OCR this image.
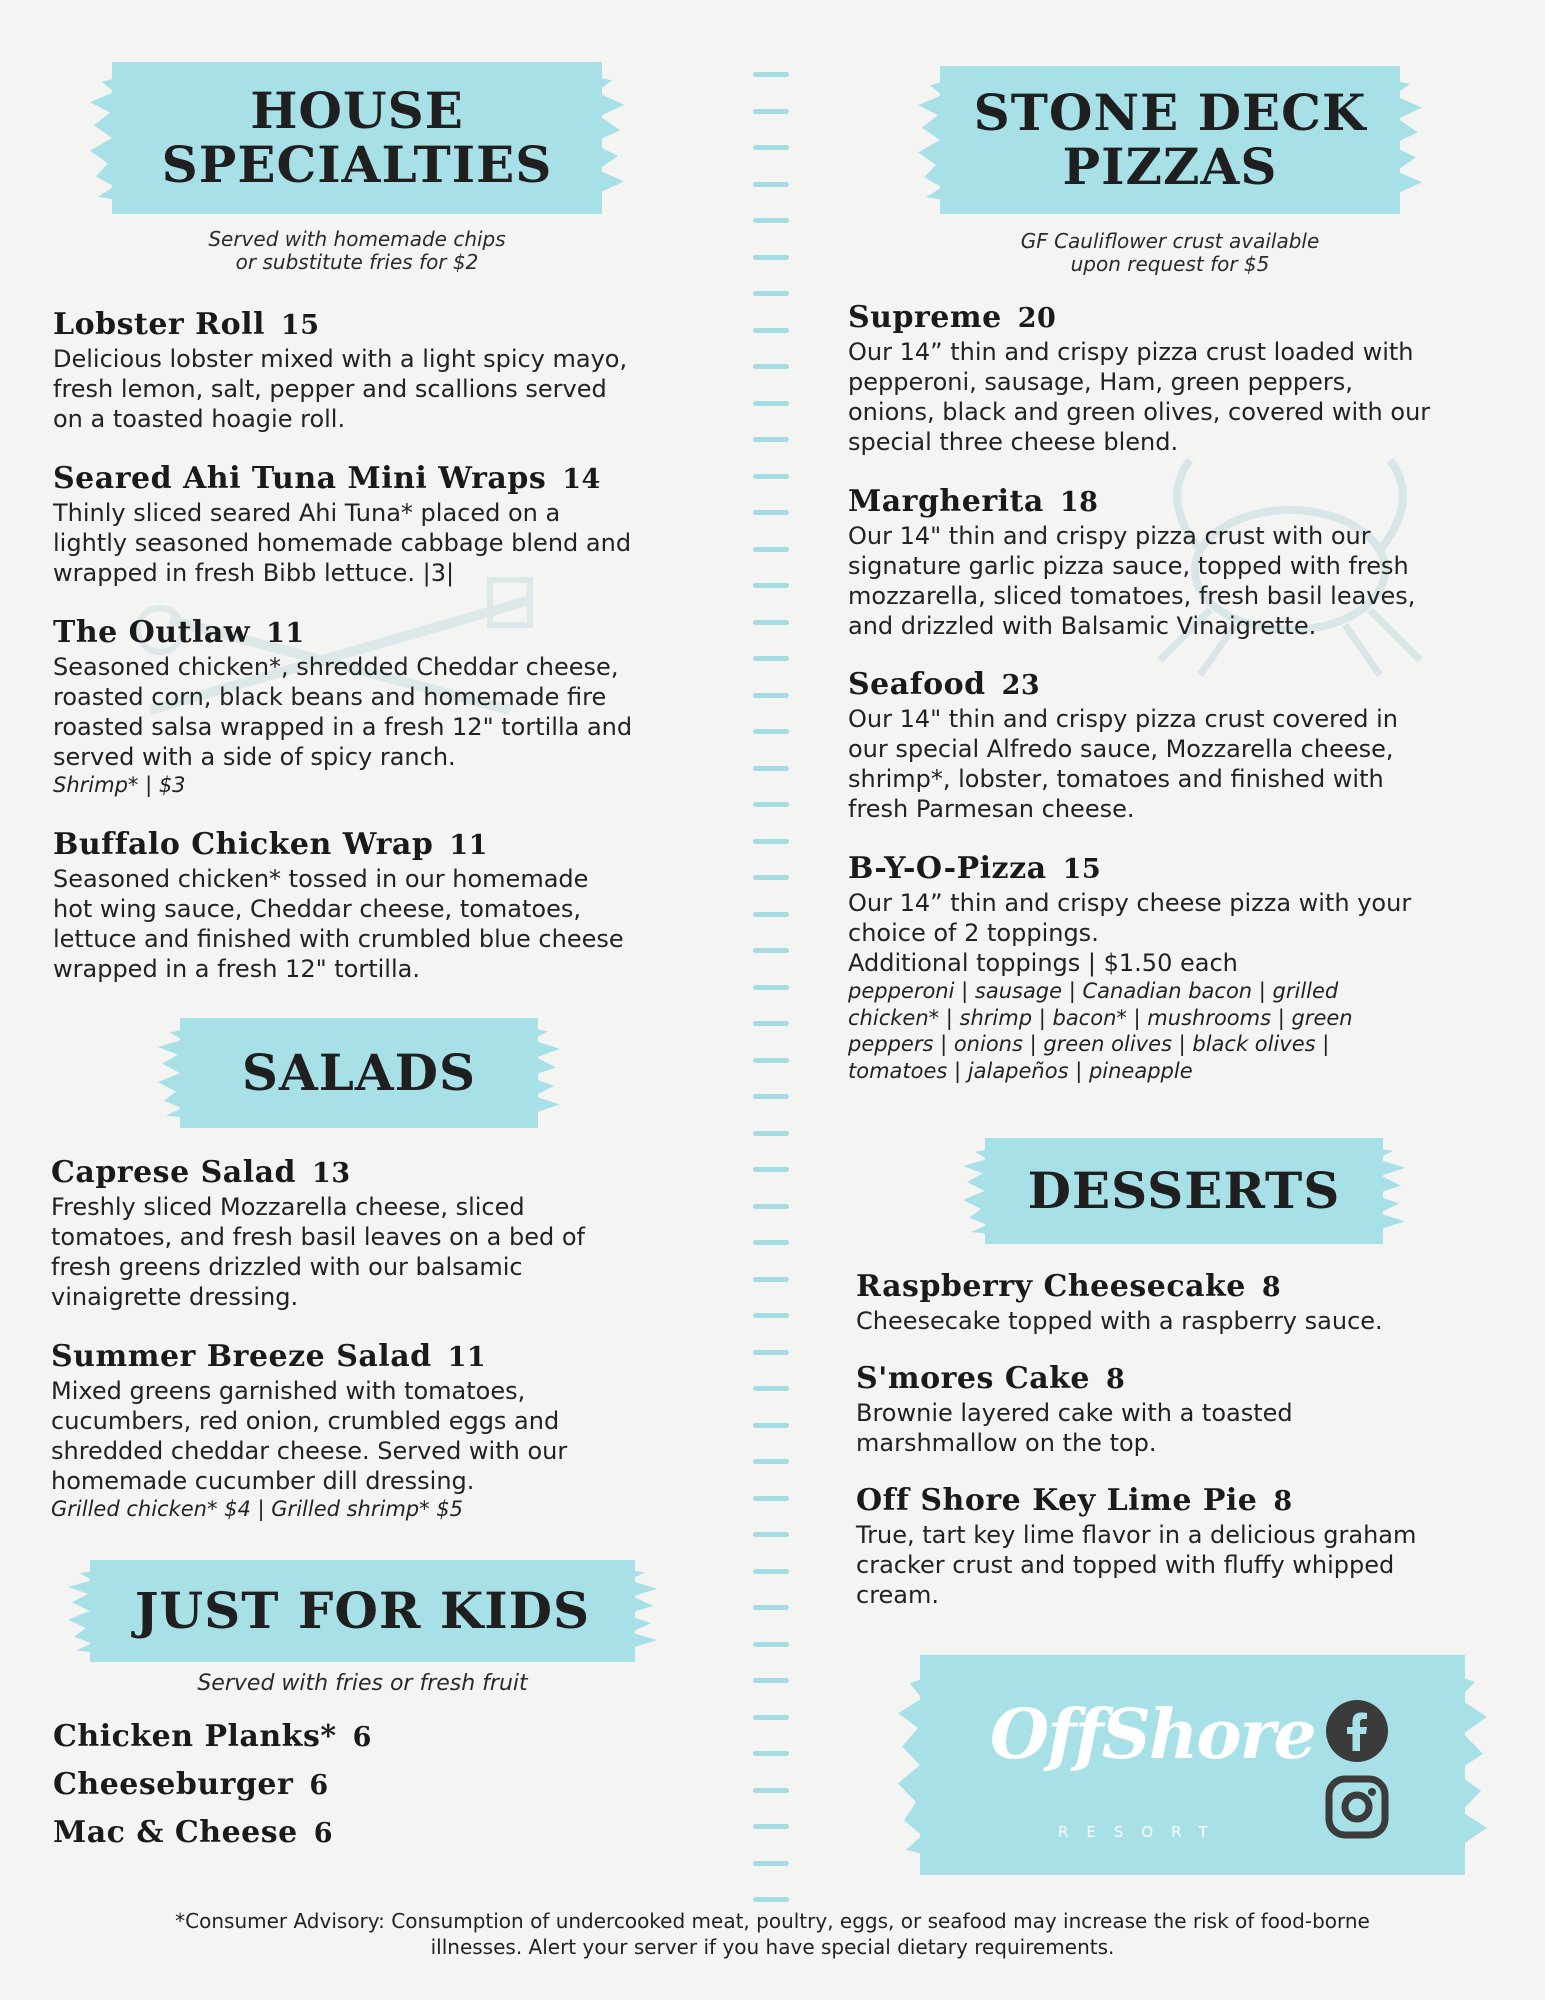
HOUSE
SPECIALTIES
Served with homemade chips
or substitute fries for $2
Lobster Roll 15
Delicious lobster mixed with a light spicy mayo,
fresh lemon, salt, pepper and scallions served
on a toasted hoagie roll.
Seared Ahi Tuna Mini Wraps 14
Thinly sliced seared Ahi Tuna* placed on a
lightly seasoned homemade cabbage blend and
wrapped in fresh Bibb lettuce. |3|
The Outlaw 11
Seasoned chicken*, shredded Cheddar cheese,
roasted corn, black beans and homemade fire
roasted salsa wrapped in a fresh 12" tortilla and
served with a side of spicy ranch.
Shrimp* | $3
Buffalo Chicken Wrap 11
Seasoned chicken* tossed in our homemade
hot wing sauce, Cheddar cheese, tomatoes,
lettuce and finished with crumbled blue cheese
wrapped in a fresh 12" tortilla.
SALADS
Caprese Salad 13
Freshly sliced Mozzarella cheese, sliced
tomatoes, and fresh basil leaves on a bed of
fresh greens drizzled with our balsamic
vinaigrette dressing.
Summer Breeze Salad 11
Mixed greens garnished with tomatoes,
cucumbers, red onion, crumbled eggs and
shredded cheddar cheese. Served with our
homemade cucumber dill dressing.
Grilled chicken* $4 | Grilled shrimp* $5
JUST FOR KIDS
Served with fries or fresh fruit
Chicken Planks* 6
Cheeseburger 6
Mac & Cheese 6
STONE DECK
PIZZAS
GF Cauliflower crust available
upon request for $5
Supreme 20
Our 14” thin and crispy pizza crust loaded with
pepperoni, sausage, Ham, green peppers,
onions, black and green olives, covered with our
special three cheese blend.
Margherita 18
Our 14" thin and crispy pizza crust with our
signature garlic pizza sauce, topped with fresh
mozzarella, sliced tomatoes, fresh basil leaves,
and drizzled with Balsamic Vinaigrette.
Seafood 23
Our 14" thin and crispy pizza crust covered in
our special Alfredo sauce, Mozzarella cheese,
shrimp*, lobster, tomatoes and finished with
fresh Parmesan cheese.
B-Y-O-Pizza 15
Our 14” thin and crispy cheese pizza with your
choice of 2 toppings.
Additional toppings | $1.50 each
pepperoni | sausage | Canadian bacon | grilled
chicken* | shrimp | bacon* | mushrooms | green
peppers | onions | green olives | black olives |
tomatoes | jalapeños | pineapple
DESSERTS
Raspberry Cheesecake 8
Cheesecake topped with a raspberry sauce.
S'mores Cake 8
Brownie layered cake with a toasted
marshmallow on the top.
Off Shore Key Lime Pie 8
True, tart key lime flavor in a delicious graham
cracker crust and topped with fluffy whipped
cream.
OffShore
RESORT
*Consumer Advisory: Consumption of undercooked meat, poultry, eggs, or seafood may increase the risk of food-borne
illnesses. Alert your server if you have special dietary requirements.
